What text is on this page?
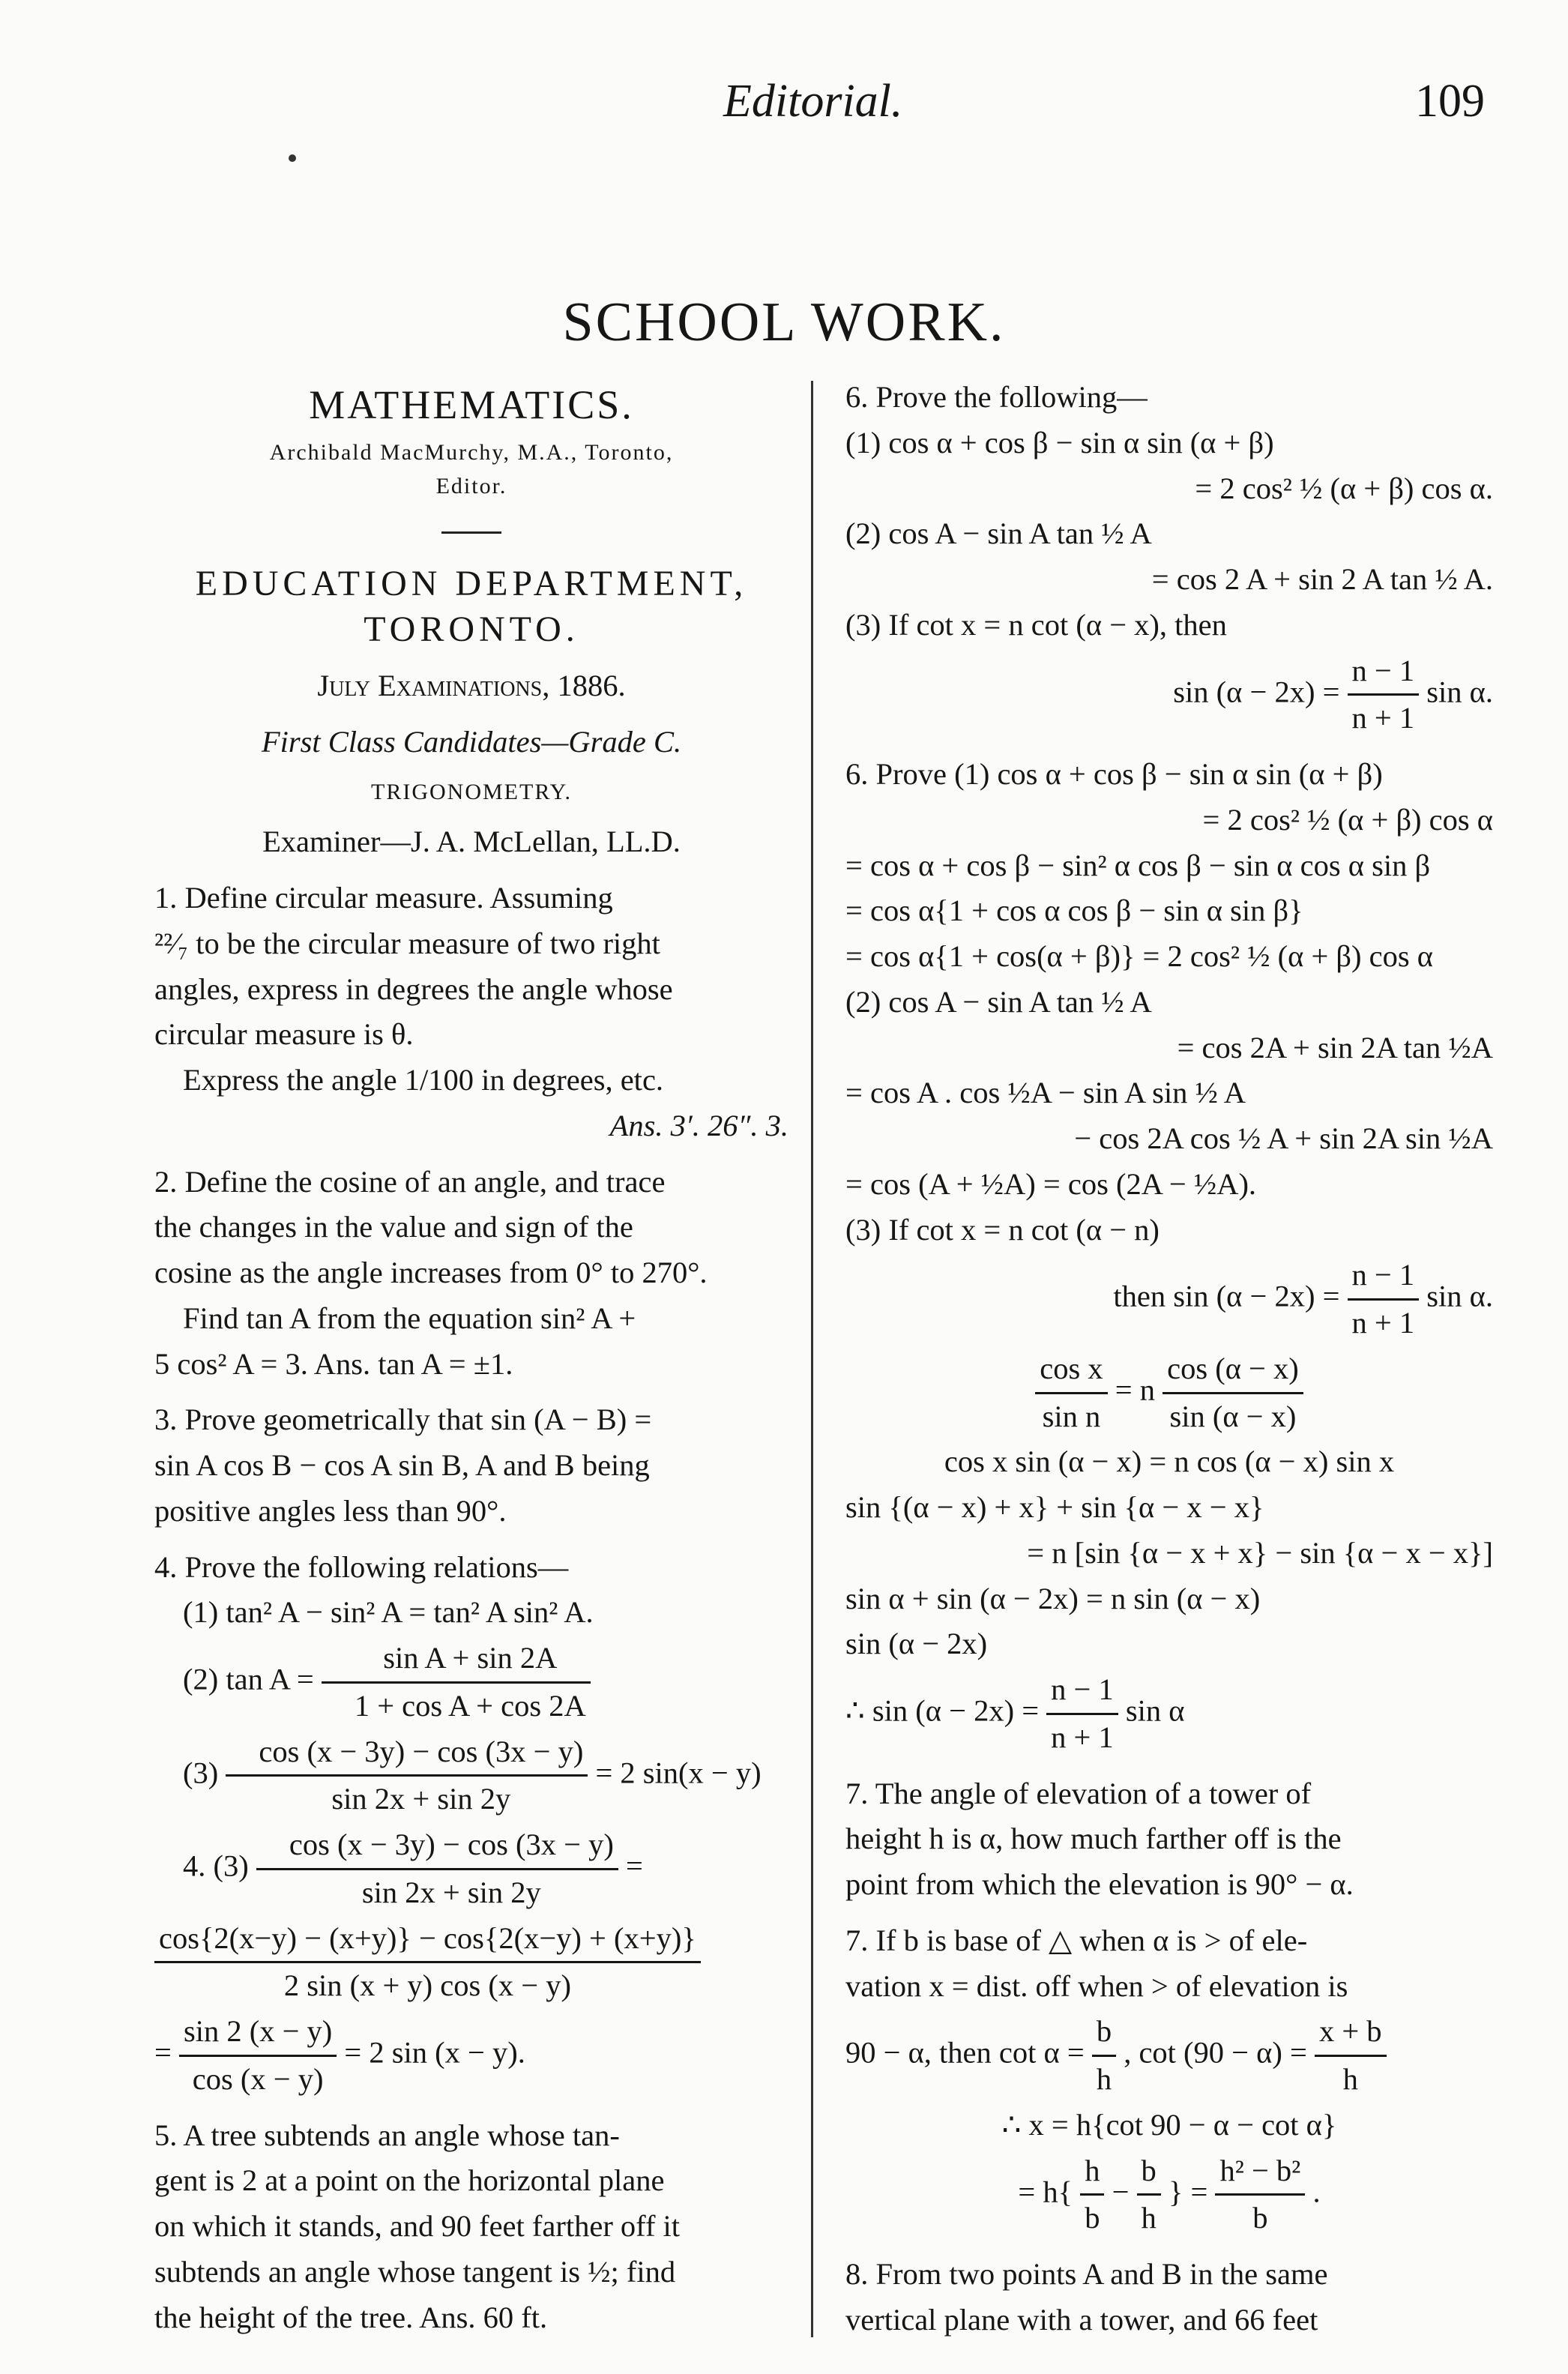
Editorial.	109
SCHOOL WORK.
MATHEMATICS.
Archibald MacMurchy, M.A., Toronto,
Editor.
EDUCATION DEPARTMENT,
TORONTO.
July Examinations, 1886.
First Class Candidates—Grade C.
TRIGONOMETRY.
Examiner—J. A. McLellan, LL.D.
1. Define circular measure. Assuming
²²⁄₇ to be the circular measure of two right
angles, express in degrees the angle whose
circular measure is θ.
Express the angle 1/100 in degrees, etc.
Ans. 3′. 26″. 3.
2. Define the cosine of an angle, and trace
the changes in the value and sign of the
cosine as the angle increases from 0° to 270°.
Find tan A from the equation sin² A +
5 cos² A = 3. Ans. tan A = ±1.
3. Prove geometrically that sin (A − B) =
sin A cos B − cos A sin B, A and B being
positive angles less than 90°.
4. Prove the following relations—
(1) tan² A − sin² A = tan² A sin² A.
(2) $\tan A = \frac{\text{sin A + sin 2A}}{\text{1 + cos A + cos 2A}}$
$(3) \frac{\cos (x - 3y) - \cos (3x - y)}{\sin 2x + \sin 2y} = 2$ sin(x − y)
4. $(3) \frac{\cos (x - 3y) - \cos (3x - y)}{\sin 2x + \sin 2y}$ =
$\frac{\cos\{2(x-y) - (x+y)\} - \cos\{2(x-y) + (x+y)\}}{2 \sin (x + y) \cos (x - y)}$
= $\frac{\sin 2 (x - y)}{\cos (x - y)} = 2$ sin (x − y).
5. A tree subtends an angle whose tan-
gent is 2 at a point on the horizontal plane
on which it stands, and 90 feet farther off it
subtends an angle whose tangent is ½; find
the height of the tree. Ans. 60 ft.
6. Prove the following—
(1) cos α + cos β − sin α sin (α + β)
= 2 cos² ½ (α + β) cos α.
(2) cos A − sin A tan ½ A
= cos 2 A + sin 2 A tan ½ A.
(3) If cot x = n cot (α − x), then
$\sin (\alpha - 2x) = \frac{n - 1}{n + 1}$ sin α.
6. Prove (1) cos α + cos β − sin α sin (α + β)
= 2 cos² ½ (α + β) cos α
= cos α + cos β − sin² α cos β − sin α cos α sin β
= cos α{1 + cos α cos β − sin α sin β}
= cos α{1 + cos(α + β)} = 2 cos² ½ (α + β) cos α
(2) cos A − sin A tan ½ A
= cos 2A + sin 2A tan ½A
= cos A . cos ½A − sin A sin ½ A
− cos 2A cos ½ A + sin 2A sin ½A
= cos (A + ½A) = cos (2A − ½A).
(3) If cot x = n cot (α − n)
then $\sin (\alpha - 2x) = \frac{n - 1}{n + 1}$ sin α.
$\frac{\text{cos x}}{\text{sin n}} = n \frac{\cos (\alpha - x)}{\sin (\alpha - x)}$
cos x sin (α − x) = n cos (α − x) sin x
sin {(α − x) + x} + sin {α − x − x}
= n [sin {α − x + x} − sin {α − x − x}]
sin α + sin (α − 2x) = n sin (α − x)
sin (α − 2x)
∴ $\sin (\alpha - 2x) = \frac{n - 1}{n + 1}$ sin α
7. The angle of elevation of a tower of
height h is α, how much farther off is the
point from which the elevation is 90° − α.
7. If b is base of △ when α is > of ele-
vation x = dist. off when > of elevation is
90 − α, then $\cot \alpha = \frac{b}{h}$ , $\cot (90 - \alpha) = \frac{x + b}{h}$
∴ x = h{cot 90 − α − cot α}
= $h\{ \frac{h}{b} - \frac{b}{h}$ } = $\frac{\text{h² − b²}}{b}$ .
8. From two points A and B in the same
vertical plane with a tower, and 66 feet
